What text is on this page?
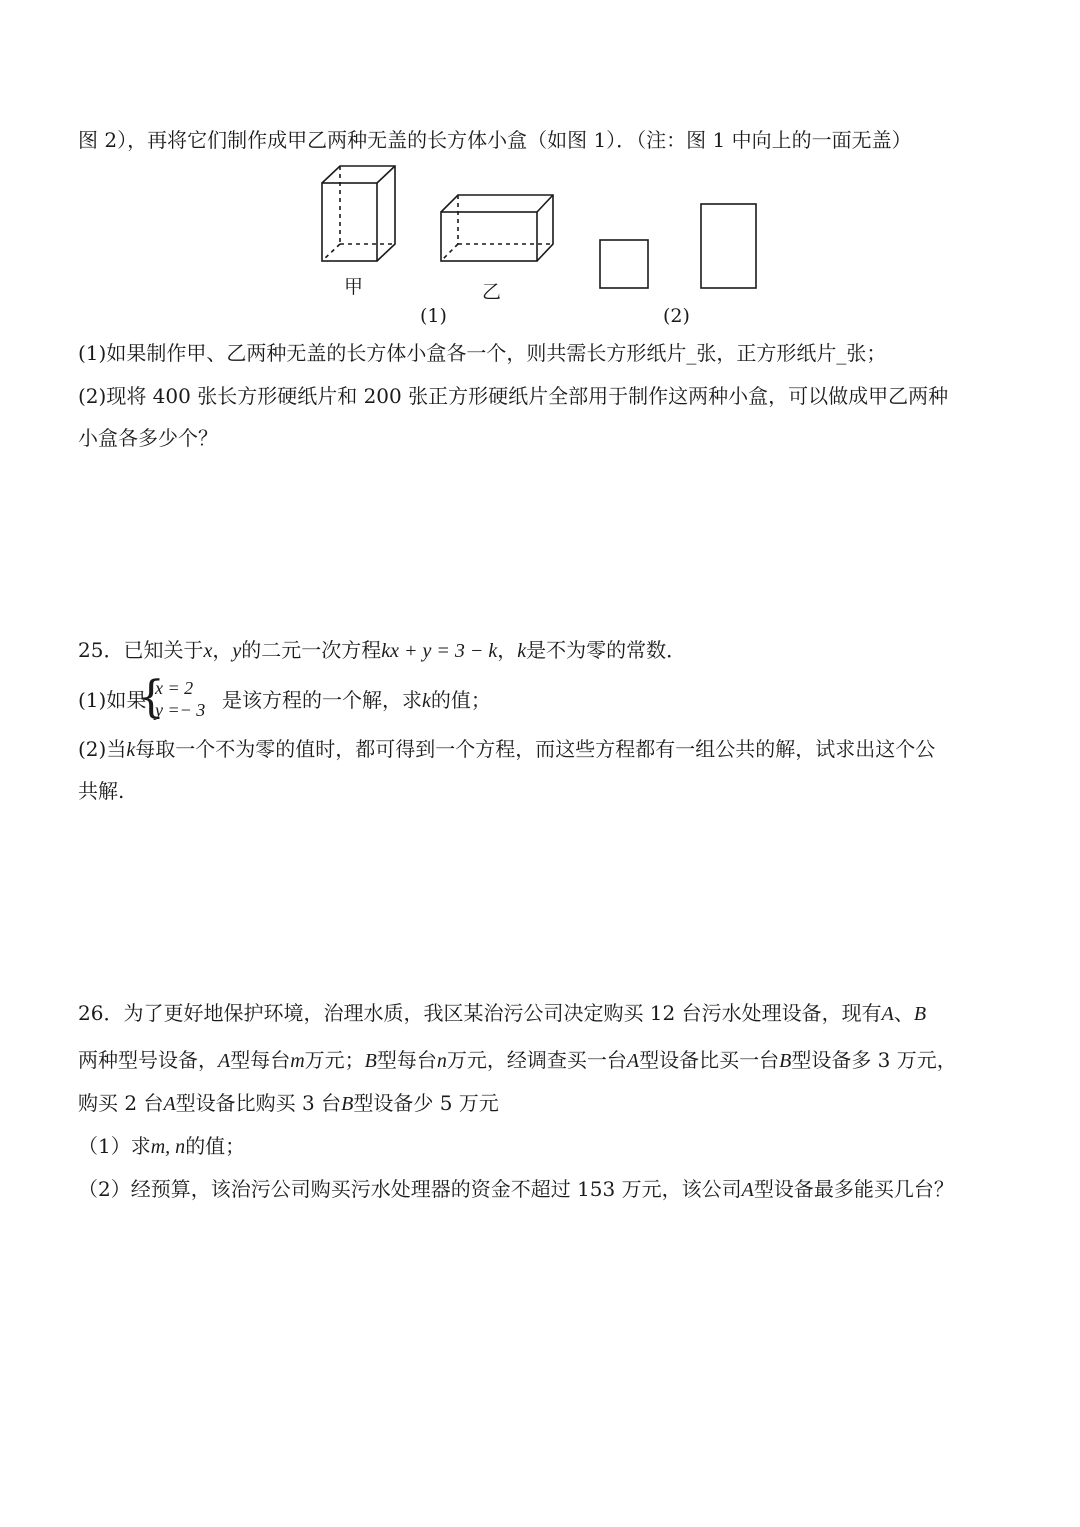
图 2），再将它们制作成甲乙两种无盖的长方体小盒（如图 1）．（注：图 1 中向上的一面无盖）
甲	乙
(1)	(2)
(1)如果制作甲、乙两种无盖的长方体小盒各一个，则共需长方形纸片_张，正方形纸片_张；
(2)现将 400 张长方形硬纸片和 200 张正方形硬纸片全部用于制作这两种小盒，可以做成甲乙两种
小盒各多少个？
25．已知关于x，y的二元一次方程kx + y = 3 − k，k是不为零的常数．
(1)如果
{
x = 2
y =− 3 是该方程的一个解，求k的值；
(2)当k每取一个不为零的值时，都可得到一个方程，而这些方程都有一组公共的解，试求出这个公
共解.
26．为了更好地保护环境，治理水质，我区某治污公司决定购买 12 台污水处理设备，现有A、B
两种型号设备，A型每台m万元；B型每台n万元，经调查买一台A型设备比买一台B型设备多 3 万元，
购买 2 台A型设备比购买 3 台B型设备少 5 万元
（1）求m, n的值；
（2）经预算，该治污公司购买污水处理器的资金不超过 153 万元，该公司A型设备最多能买几台？
